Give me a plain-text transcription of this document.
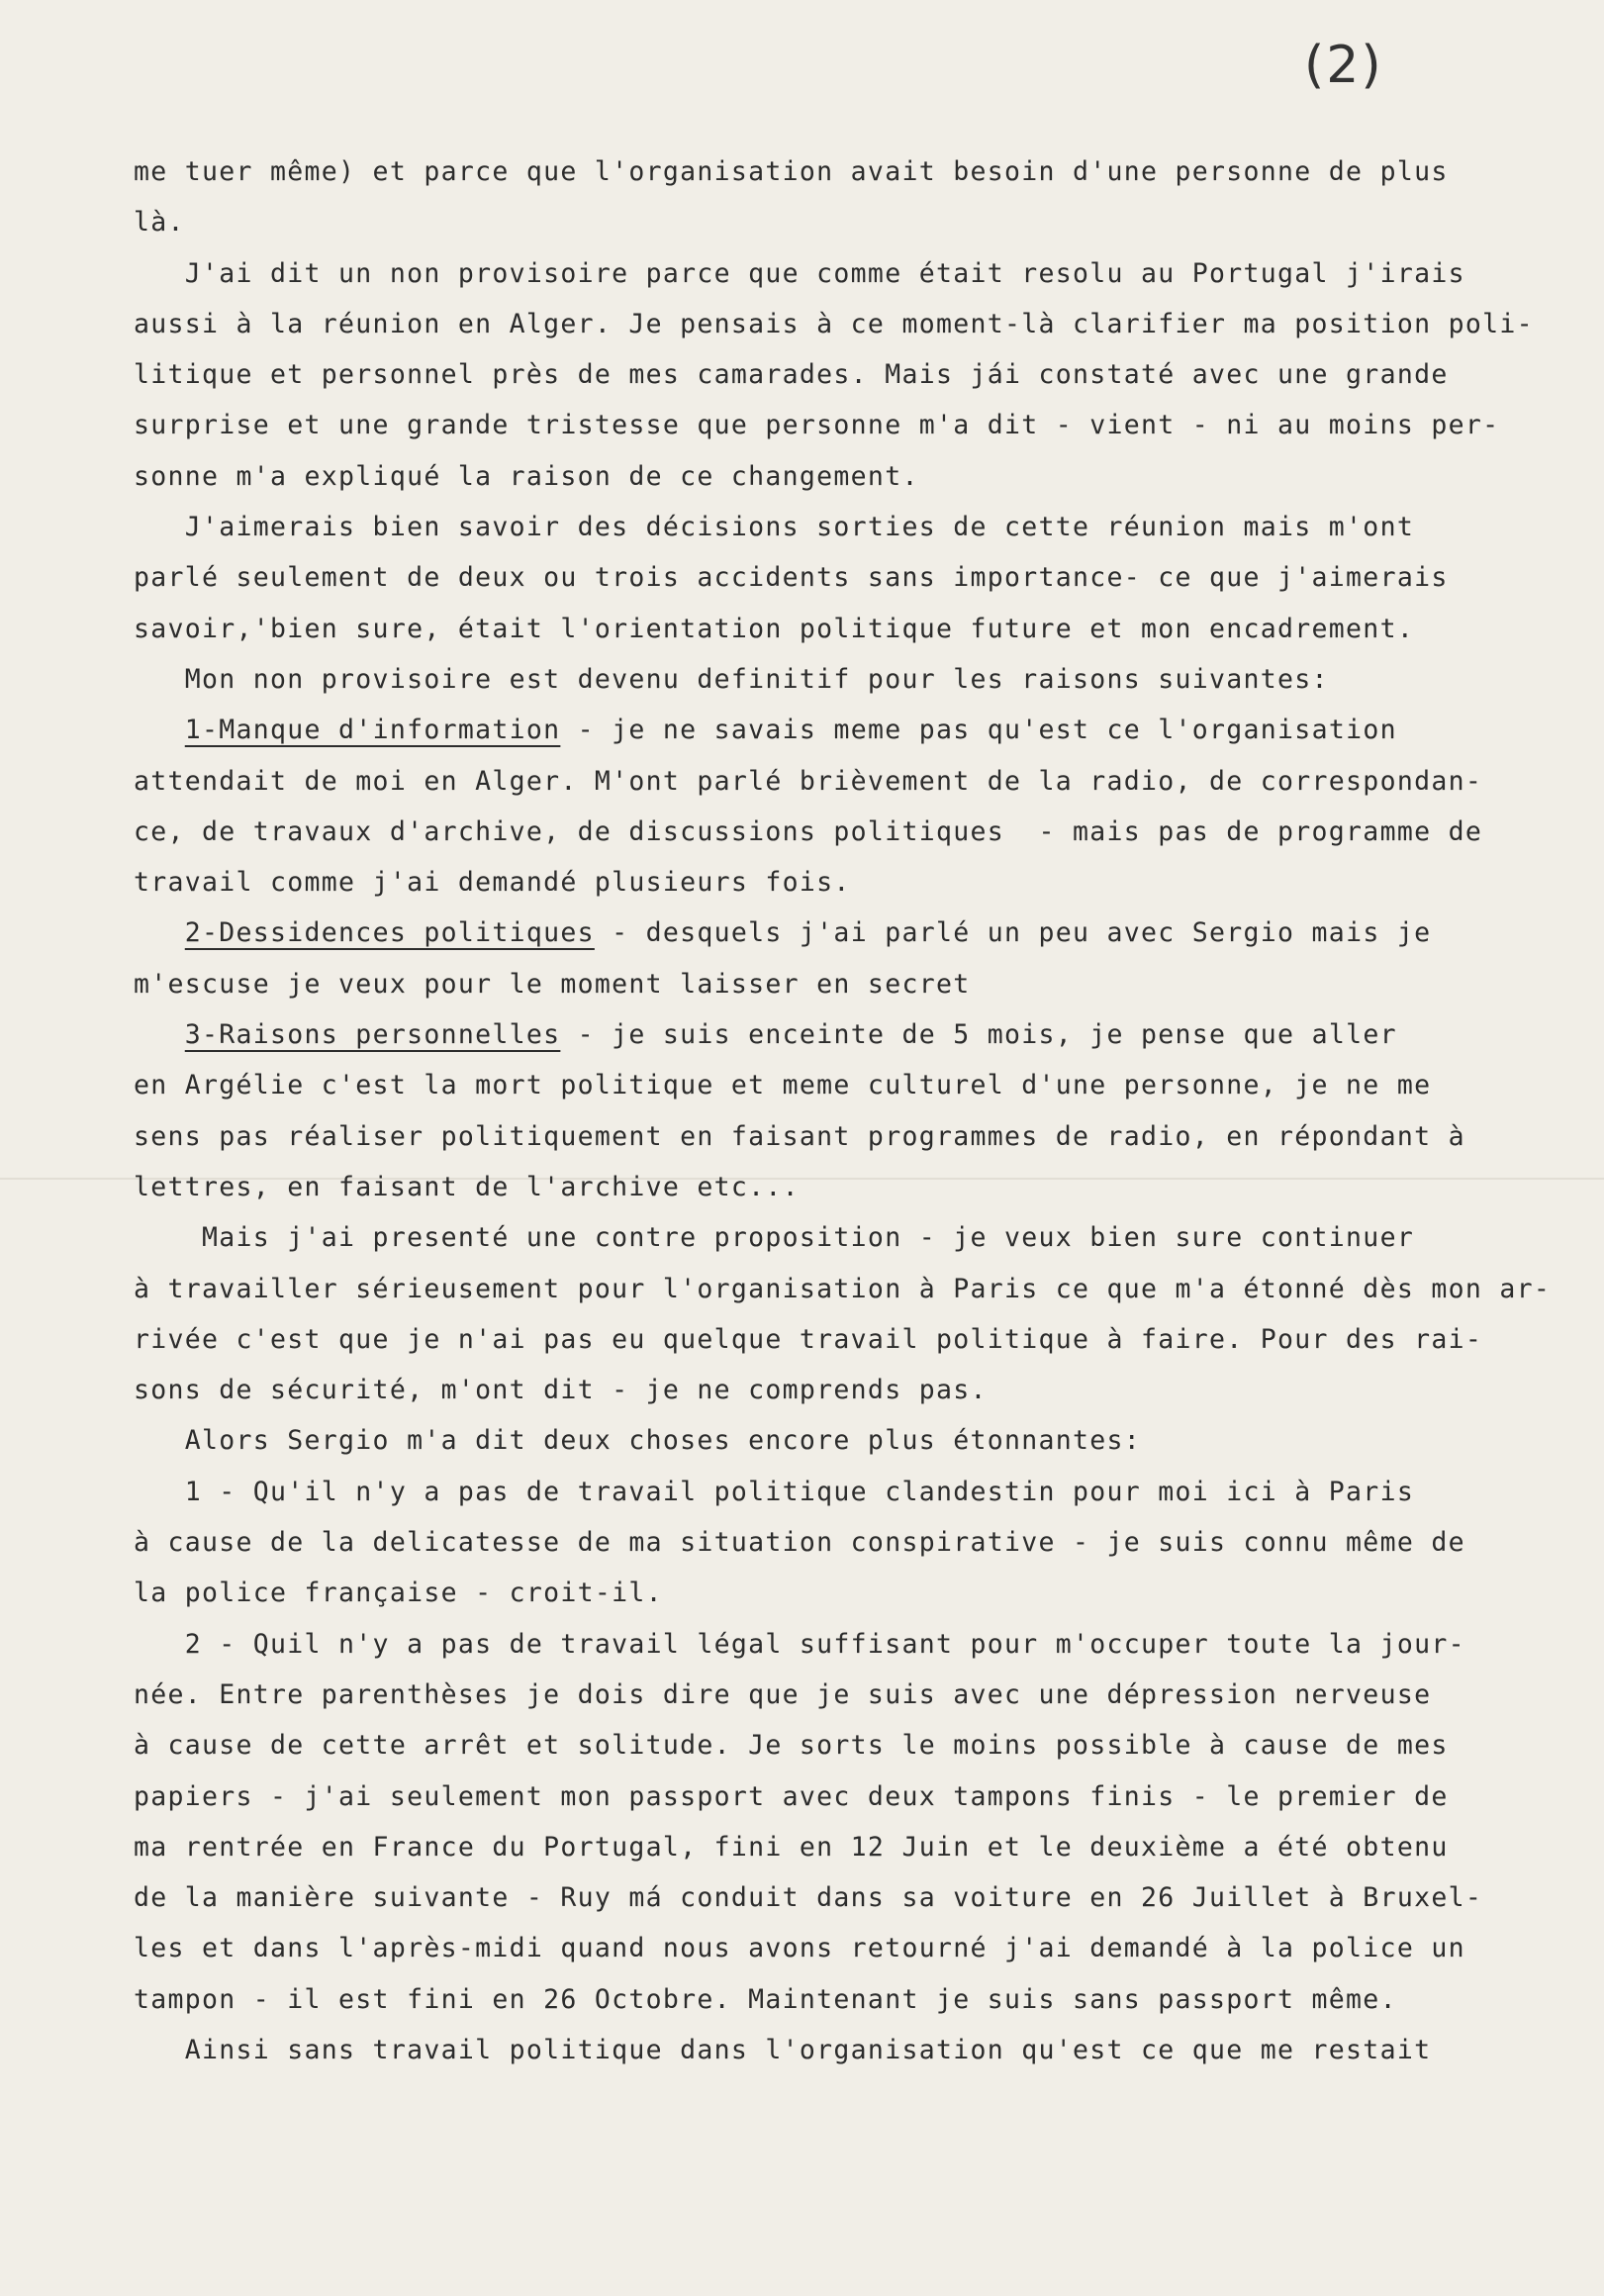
(2)
me tuer même) et parce que l'organisation avait besoin d'une personne de plus
là.
J'ai dit un non provisoire parce que comme était resolu au Portugal j'irais
aussi à la réunion en Alger. Je pensais à ce moment-là clarifier ma position poli-
litique et personnel près de mes camarades. Mais jái constaté avec une grande
surprise et une grande tristesse que personne m'a dit - vient - ni au moins per-
sonne m'a expliqué la raison de ce changement.
J'aimerais bien savoir des décisions sorties de cette réunion mais m'ont
parlé seulement de deux ou trois accidents sans importance- ce que j'aimerais
savoir,'bien sure, était l'orientation politique future et mon encadrement.
Mon non provisoire est devenu definitif pour les raisons suivantes:
1-Manque d'information - je ne savais meme pas qu'est ce l'organisation
attendait de moi en Alger. M'ont parlé brièvement de la radio, de correspondan-
ce, de travaux d'archive, de discussions politiques  - mais pas de programme de
travail comme j'ai demandé plusieurs fois.
2-Dessidences politiques - desquels j'ai parlé un peu avec Sergio mais je
m'escuse je veux pour le moment laisser en secret
3-Raisons personnelles - je suis enceinte de 5 mois, je pense que aller
en Argélie c'est la mort politique et meme culturel d'une personne, je ne me
sens pas réaliser politiquement en faisant programmes de radio, en répondant à
lettres, en faisant de l'archive etc...
Mais j'ai presenté une contre proposition - je veux bien sure continuer
à travailler sérieusement pour l'organisation à Paris ce que m'a étonné dès mon ar-
rivée c'est que je n'ai pas eu quelque travail politique à faire. Pour des rai-
sons de sécurité, m'ont dit - je ne comprends pas.
Alors Sergio m'a dit deux choses encore plus étonnantes:
1 - Qu'il n'y a pas de travail politique clandestin pour moi ici à Paris
à cause de la delicatesse de ma situation conspirative - je suis connu même de
la police française - croit-il.
2 - Quil n'y a pas de travail légal suffisant pour m'occuper toute la jour-
née. Entre parenthèses je dois dire que je suis avec une dépression nerveuse
à cause de cette arrêt et solitude. Je sorts le moins possible à cause de mes
papiers - j'ai seulement mon passport avec deux tampons finis - le premier de
ma rentrée en France du Portugal, fini en 12 Juin et le deuxième a été obtenu
de la manière suivante - Ruy má conduit dans sa voiture en 26 Juillet à Bruxel-
les et dans l'après-midi quand nous avons retourné j'ai demandé à la police un
tampon - il est fini en 26 Octobre. Maintenant je suis sans passport même.
Ainsi sans travail politique dans l'organisation qu'est ce que me restait
